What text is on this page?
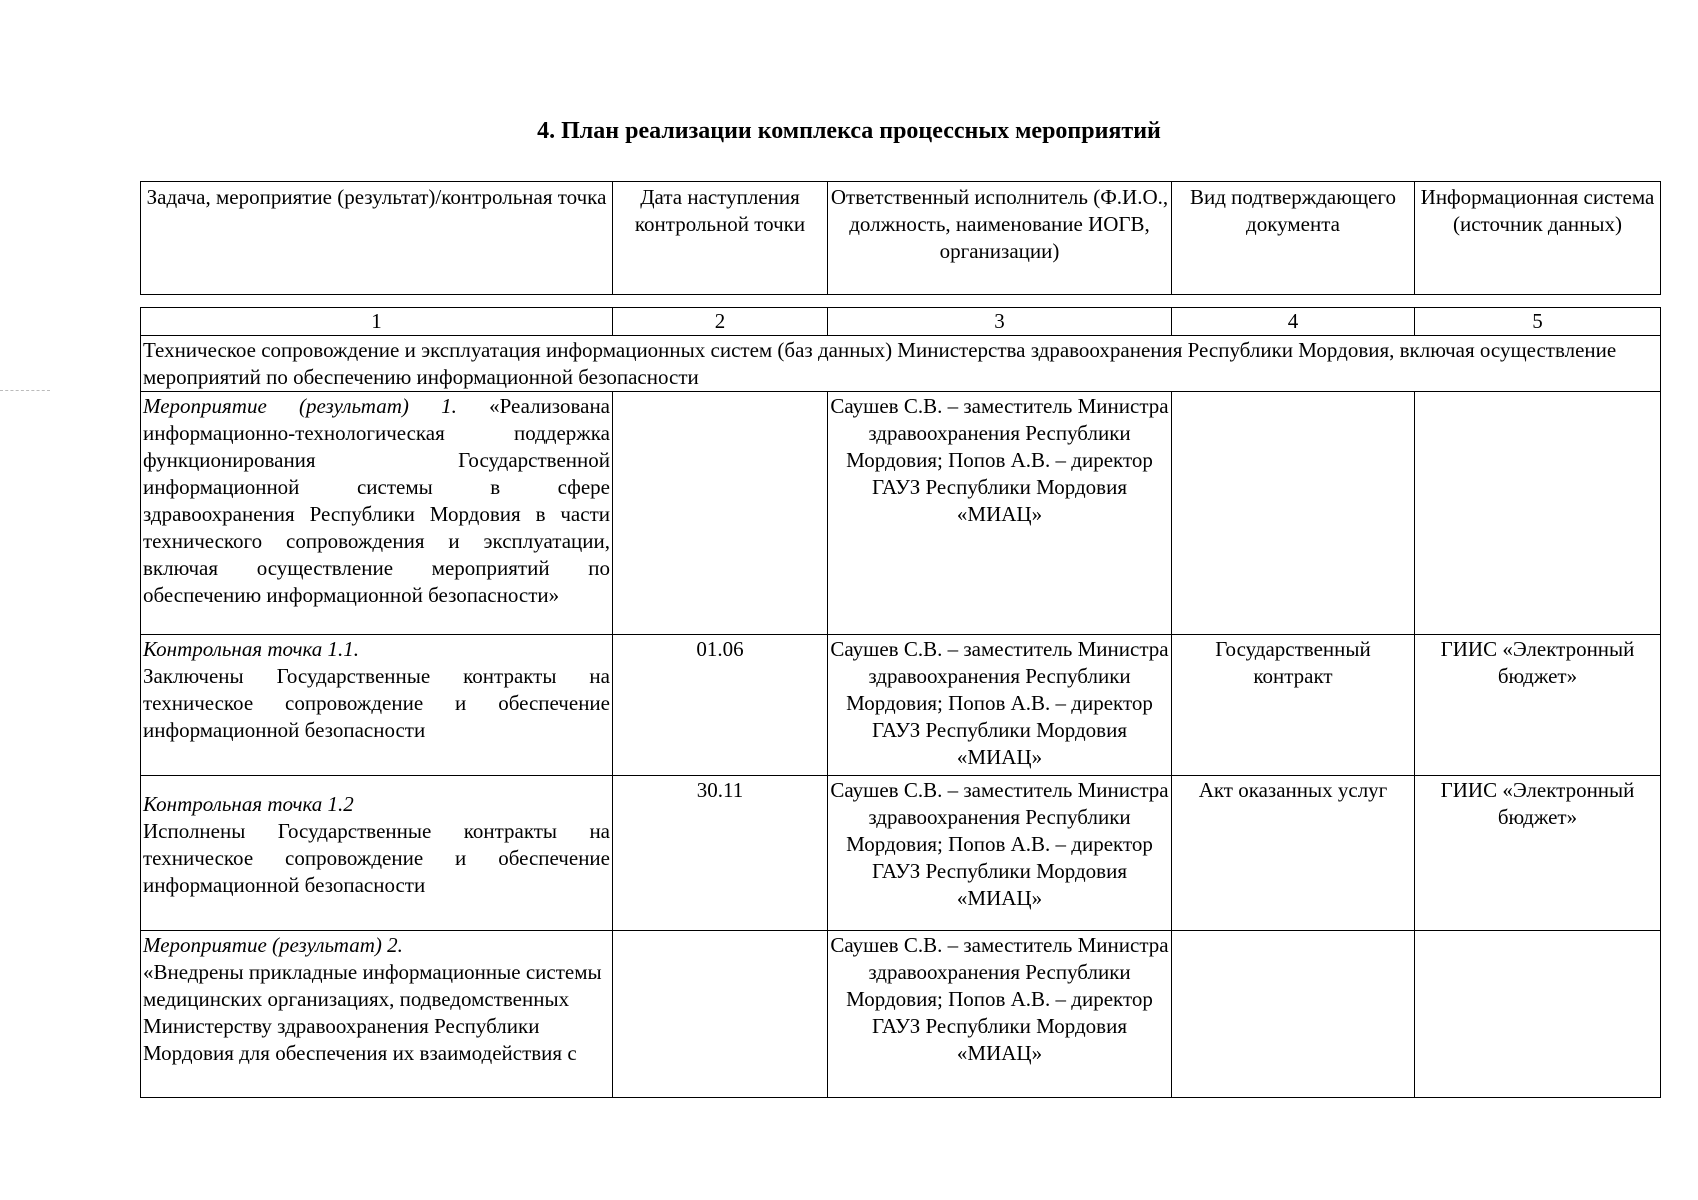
4. План реализации комплекса процессных мероприятий
Задача, мероприятие (результат)/контрольная точка	Дата наступления контрольной точки	Ответственный исполнитель (Ф.И.О., должность, наименование ИОГВ, организации)	Вид подтверждающего документа	Информационная система (источник данных)
1	2	3	4	5
Техническое сопровождение и эксплуатация информационных систем (баз данных) Министерства здравоохранения Республики Мордовия, включая осуществление мероприятий по обеспечению информационной безопасности				
Мероприятие (результат) 1. «Реализована информационно-технологическая поддержка функционирования Государственной информационной системы в сфере здравоохранения Республики Мордовия в части технического сопровождения и эксплуатации, включая осуществление мероприятий по обеспечению информационной безопасности»		Саушев С.В. – заместитель Министра здравоохранения Республики Мордовия; Попов А.В. – директор ГАУЗ Республики Мордовия «МИАЦ»		

Контрольная точка 1.1.
Заключены Государственные контракты на техническое сопровождение и обеспечение информационной безопасности	01.06	Саушев С.В. – заместитель Министра здравоохранения Республики Мордовия; Попов А.В. – директор ГАУЗ Республики Мордовия «МИАЦ»	Государственный контракт	ГИИС «Электронный бюджет»

Контрольная точка 1.2
Исполнены Государственные контракты на техническое сопровождение и обеспечение информационной безопасности	30.11	Саушев С.В. – заместитель Министра здравоохранения Республики Мордовия; Попов А.В. – директор ГАУЗ Республики Мордовия «МИАЦ»	Акт оказанных услуг	ГИИС «Электронный бюджет»

Мероприятие (результат) 2.
«Внедрены прикладные информационные системы медицинских организациях, подведомственных Министерству здравоохранения Республики Мордовия для обеспечения их взаимодействия с		Саушев С.В. – заместитель Министра здравоохранения Республики Мордовия; Попов А.В. – директор ГАУЗ Республики Мордовия «МИАЦ»		
